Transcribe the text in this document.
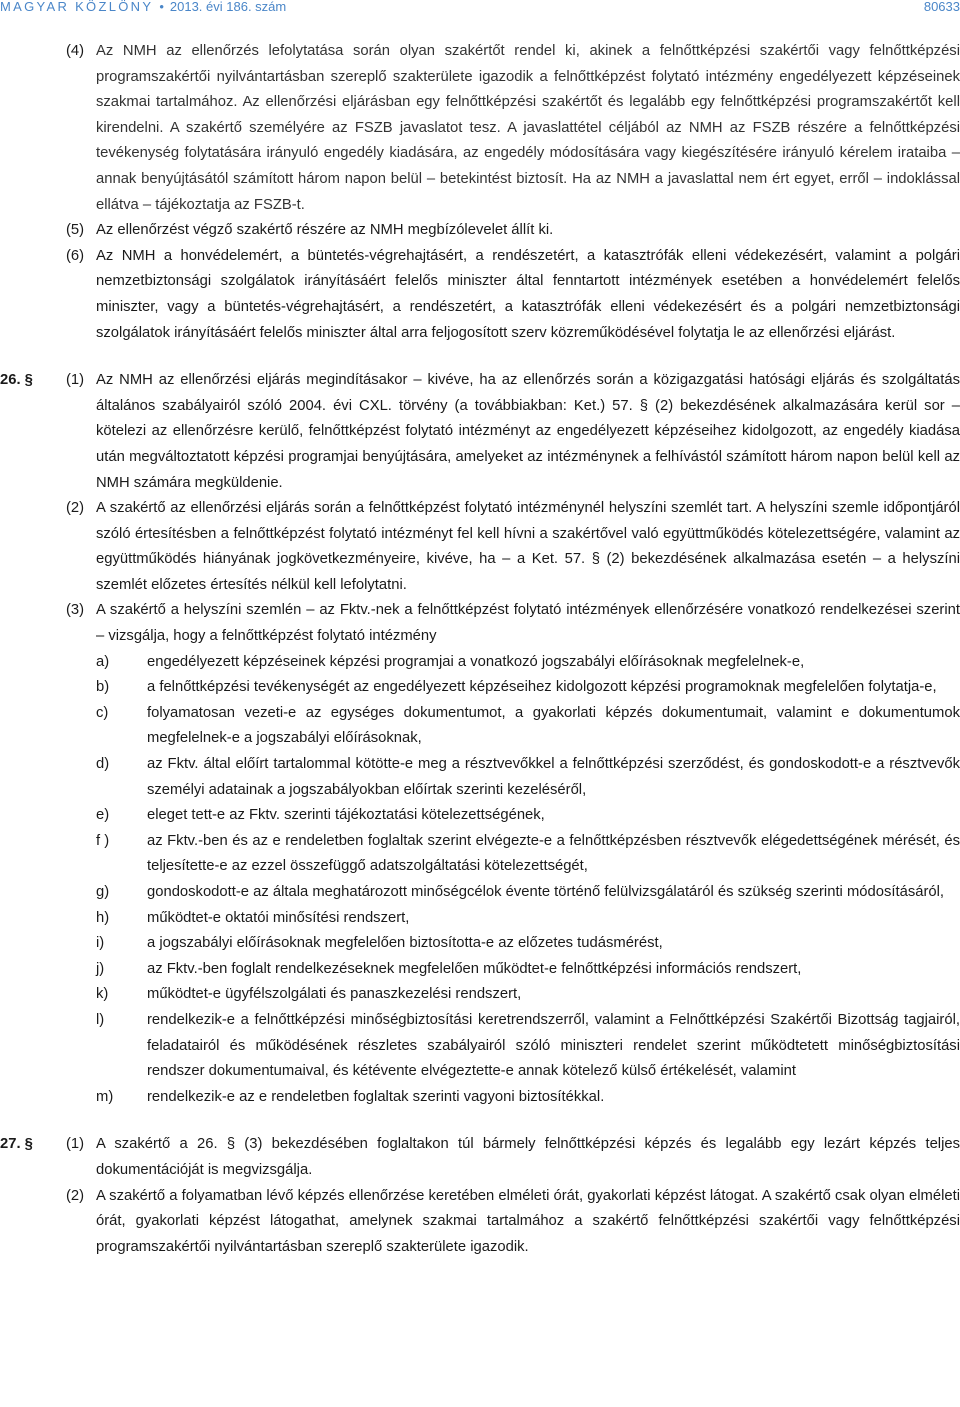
MAGYAR KÖZLÖNY • 2013. évi 186. szám	80633
(4) Az NMH az ellenőrzés lefolytatása során olyan szakértőt rendel ki, akinek a felnőttképzési szakértői vagy felnőttképzési programszakértői nyilvántartásban szereplő szakterülete igazodik a felnőttképzést folytató intézmény engedélyezett képzéseinek szakmai tartalmához. Az ellenőrzési eljárásban egy felnőttképzési szakértőt és legalább egy felnőttképzési programszakértőt kell kirendelni. A szakértő személyére az FSZB javaslatot tesz. A javaslattétel céljából az NMH az FSZB részére a felnőttképzési tevékenység folytatására irányuló engedély kiadására, az engedély módosítására vagy kiegészítésére irányuló kérelem irataiba – annak benyújtásától számított három napon belül – betekintést biztosít. Ha az NMH a javaslattal nem ért egyet, erről – indoklással ellátva – tájékoztatja az FSZB-t.
(5) Az ellenőrzést végző szakértő részére az NMH megbízólevelet állít ki.
(6) Az NMH a honvédelemért, a büntetés-végrehajtásért, a rendészetért, a katasztrófák elleni védekezésért, valamint a polgári nemzetbiztonsági szolgálatok irányításáért felelős miniszter által fenntartott intézmények esetében a honvédelemért felelős miniszter, vagy a büntetés-végrehajtásért, a rendészetért, a katasztrófák elleni védekezésért és a polgári nemzetbiztonsági szolgálatok irányításáért felelős miniszter által arra feljogosított szerv közreműködésével folytatja le az ellenőrzési eljárást.
26. § (1) Az NMH az ellenőrzési eljárás megindításakor – kivéve, ha az ellenőrzés során a közigazgatási hatósági eljárás és szolgáltatás általános szabályairól szóló 2004. évi CXL. törvény (a továbbiakban: Ket.) 57. § (2) bekezdésének alkalmazására kerül sor – kötelezi az ellenőrzésre kerülő, felnőttképzést folytató intézményt az engedélyezett képzéseihez kidolgozott, az engedély kiadása után megváltoztatott képzési programjai benyújtására, amelyeket az intézménynek a felhívástól számított három napon belül kell az NMH számára megküldenie.
(2) A szakértő az ellenőrzési eljárás során a felnőttképzést folytató intézménynél helyszíni szemlét tart. A helyszíni szemle időpontjáról szóló értesítésben a felnőttképzést folytató intézményt fel kell hívni a szakértővel való együttműködés kötelezettségére, valamint az együttműködés hiányának jogkövetkezményeire, kivéve, ha – a Ket. 57. § (2) bekezdésének alkalmazása esetén – a helyszíni szemlét előzetes értesítés nélkül kell lefolytatni.
(3) A szakértő a helyszíni szemlén – az Fktv.-nek a felnőttképzést folytató intézmények ellenőrzésére vonatkozó rendelkezései szerint – vizsgálja, hogy a felnőttképzést folytató intézmény
a)	engedélyezett képzéseinek képzési programjai a vonatkozó jogszabályi előírásoknak megfelelnek-e,
b)	a felnőttképzési tevékenységét az engedélyezett képzéseihez kidolgozott képzési programoknak megfelelően folytatja-e,
c)	folyamatosan vezeti-e az egységes dokumentumot, a gyakorlati képzés dokumentumait, valamint e dokumentumok megfelelnek-e a jogszabályi előírásoknak,
d)	az Fktv. által előírt tartalommal kötötte-e meg a résztvevőkkel a felnőttképzési szerződést, és gondoskodott-e a résztvevők személyi adatainak a jogszabályokban előírtak szerinti kezeléséről,
e)	eleget tett-e az Fktv. szerinti tájékoztatási kötelezettségének,
f )	az Fktv.-ben és az e rendeletben foglaltak szerint elvégezte-e a felnőttképzésben résztvevők elégedettségének mérését, és teljesítette-e az ezzel összefüggő adatszolgáltatási kötelezettségét,
g)	gondoskodott-e az általa meghatározott minőségcélok évente történő felülvizsgálatáról és szükség szerinti módosításáról,
h)	működtet-e oktatói minősítési rendszert,
i)	a jogszabályi előírásoknak megfelelően biztosította-e az előzetes tudásmérést,
j)	az Fktv.-ben foglalt rendelkezéseknek megfelelően működtet-e felnőttképzési információs rendszert,
k)	működtet-e ügyfélszolgálati és panaszkezelési rendszert,
l)	rendelkezik-e a felnőttképzési minőségbiztosítási keretrendszerről, valamint a Felnőttképzési Szakértői Bizottság tagjairól, feladatairól és működésének részletes szabályairól szóló miniszteri rendelet szerint működtetett minőségbiztosítási rendszer dokumentumaival, és kétévente elvégeztette-e annak kötelező külső értékelését, valamint
m) rendelkezik-e az e rendeletben foglaltak szerinti vagyoni biztosítékkal.
27. § (1) A szakértő a 26. § (3) bekezdésében foglaltakon túl bármely felnőttképzési képzés és legalább egy lezárt képzés teljes dokumentációját is megvizsgálja.
(2) A szakértő a folyamatban lévő képzés ellenőrzése keretében elméleti órát, gyakorlati képzést látogat. A szakértő csak olyan elméleti órát, gyakorlati képzést látogathat, amelynek szakmai tartalmához a szakértő felnőttképzési szakértői vagy felnőttképzési programszakértői nyilvántartásban szereplő szakterülete igazodik.
